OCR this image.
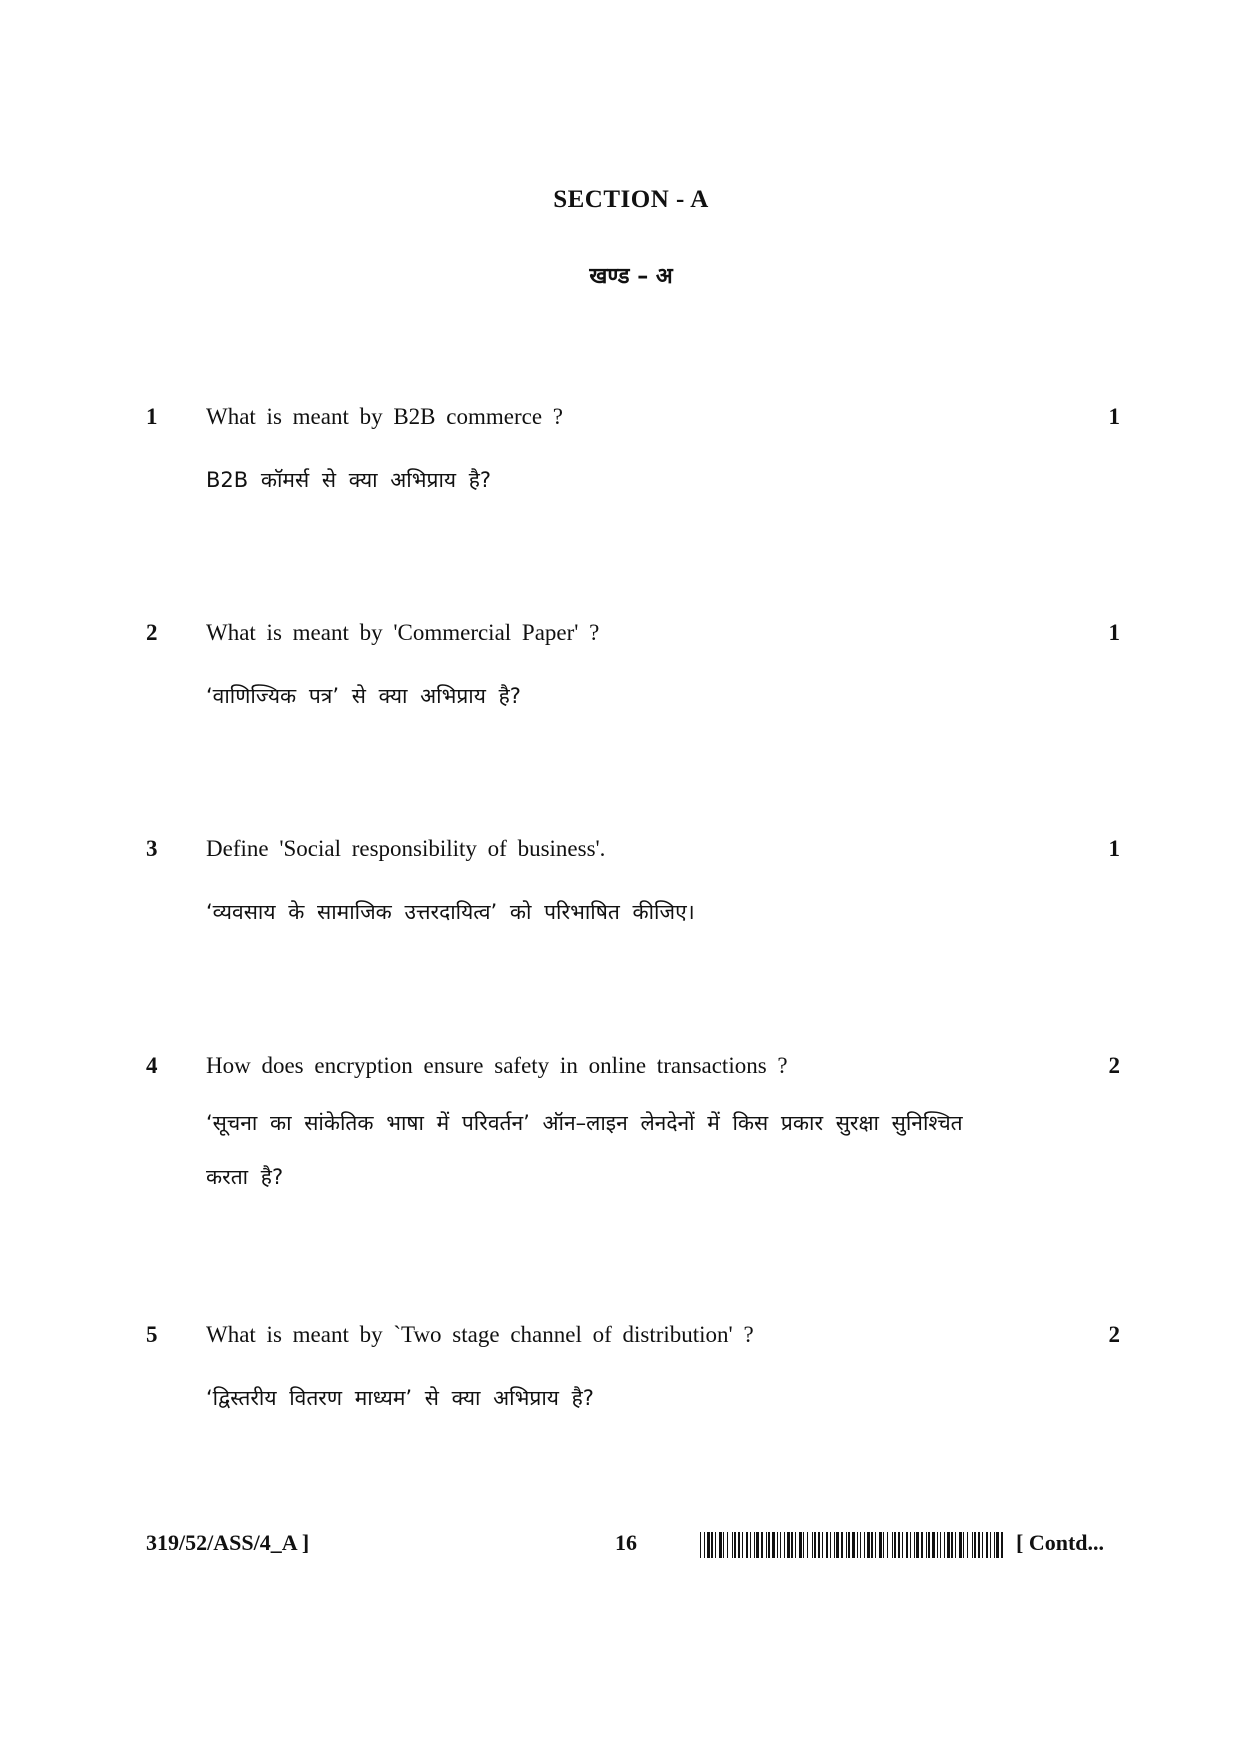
SECTION - A
खण्ड – अ
1 What is meant by B2B commerce ?	1
B2B कॉमर्स से क्या अभिप्राय है?
2 What is meant by 'Commercial Paper' ?	1
‘वाणिज्यिक पत्र’ से क्या अभिप्राय है?
3 Define 'Social responsibility of business'.	1
‘व्यवसाय के सामाजिक उत्तरदायित्व’ को परिभाषित कीजिए।
4 How does encryption ensure safety in online transactions ?	2
‘सूचना का सांकेतिक भाषा में परिवर्तन’ ऑन–लाइन लेनदेनों में किस प्रकार सुरक्षा सुनिश्चित करता है?
5 What is meant by `Two stage channel of distribution' ?	2
‘द्विस्तरीय वितरण माध्यम’ से क्या अभिप्राय है?
319/52/ASS/4_A ]	16	[ Contd...
